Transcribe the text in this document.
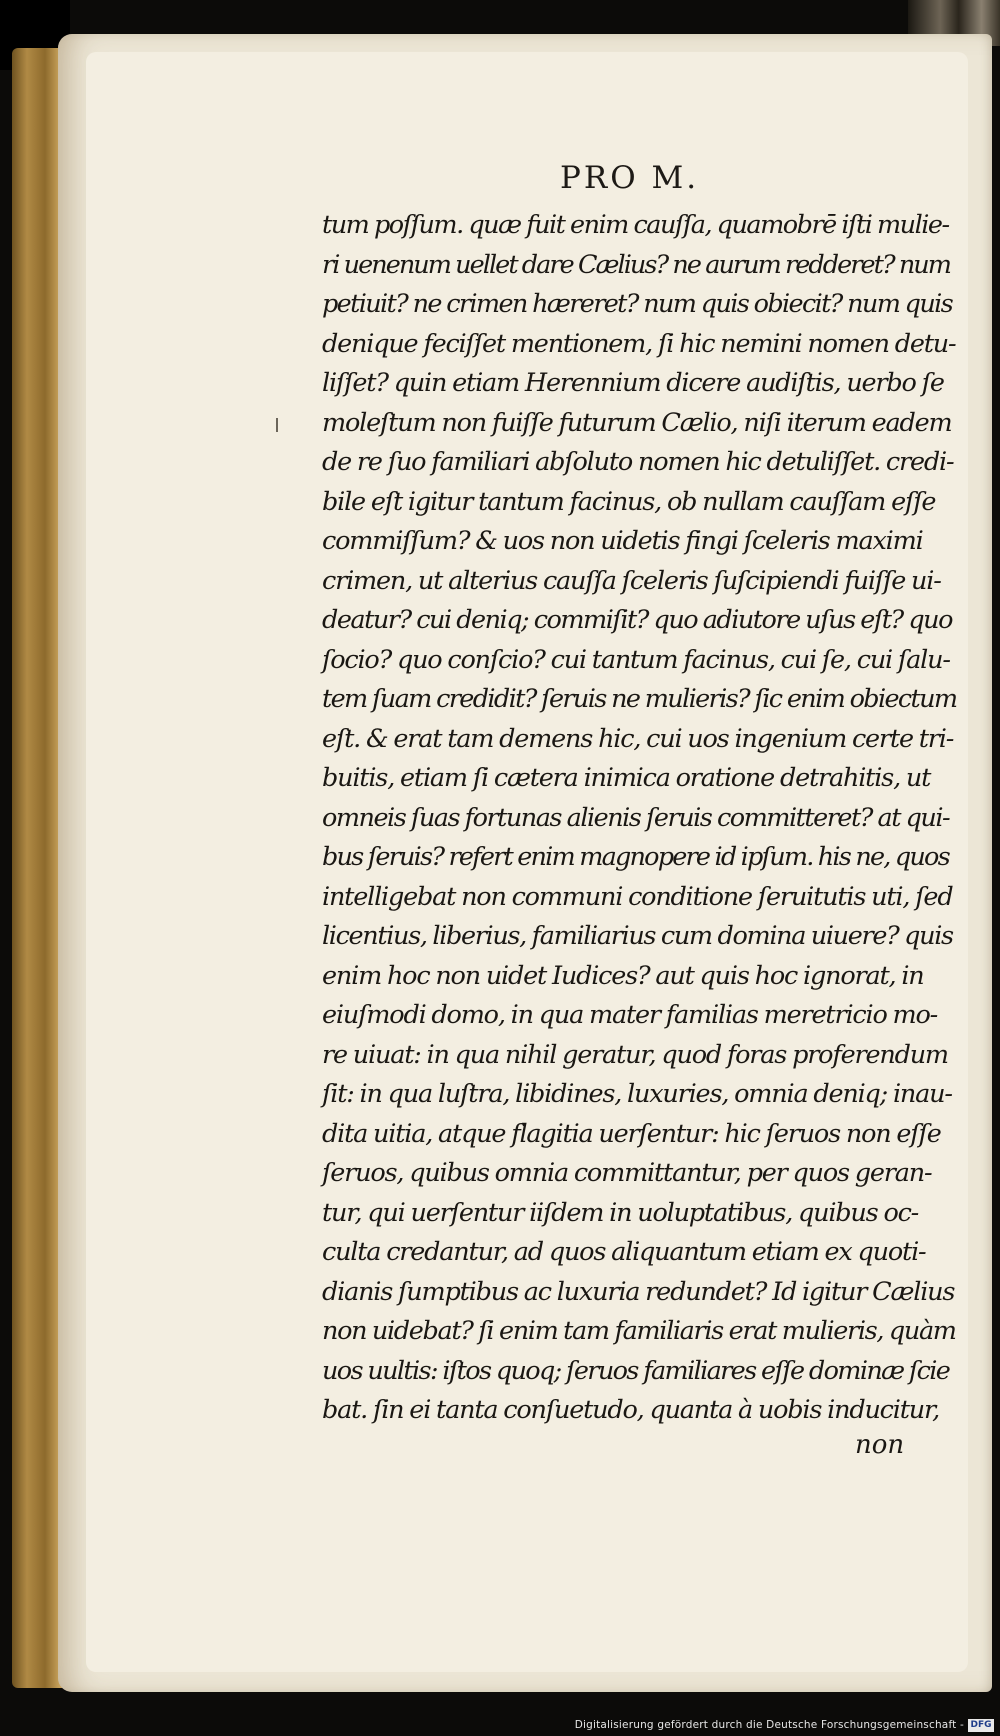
PRO M.
tum poſſum. quæ fuit enim cauſſa, quamobrē iſti mulie-
ri uenenum uellet dare Cælius? ne aurum redderet? num
petiuit? ne crimen hæreret? num quis obiecit? num quis
denique feciſſet mentionem, ſi hic nemini nomen detu-
liſſet? quin etiam Herennium dicere audiſtis, uerbo ſe
moleſtum non fuiſſe futurum Cælio, niſi iterum eadem
de re ſuo familiari abſoluto nomen hic detuliſſet. credi-
bile eſt igitur tantum facinus, ob nullam cauſſam eſſe
commiſſum? & uos non uidetis fingi ſceleris maximi
crimen, ut alterius cauſſa ſceleris ſuſcipiendi fuiſſe ui-
deatur? cui deniq; commiſit? quo adiutore uſus eſt? quo
ſocio? quo conſcio? cui tantum facinus, cui ſe, cui ſalu-
tem ſuam credidit? ſeruis ne mulieris? ſic enim obiectum
eſt. & erat tam demens hic, cui uos ingenium certe tri-
buitis, etiam ſi cætera inimica oratione detrahitis, ut
omneis ſuas fortunas alienis ſeruis committeret? at qui-
bus ſeruis? refert enim magnopere id ipſum. his ne, quos
intelligebat non communi conditione ſeruitutis uti, ſed
licentius, liberius, familiarius cum domina uiuere? quis
enim hoc non uidet Iudices? aut quis hoc ignorat, in
eiuſmodi domo, in qua mater familias meretricio mo-
re uiuat: in qua nihil geratur, quod foras proferendum
ſit: in qua luſtra, libidines, luxuries, omnia deniq; inau-
dita uitia, atque flagitia uerſentur: hic ſeruos non eſſe
ſeruos, quibus omnia committantur, per quos geran-
tur, qui uerſentur iiſdem in uoluptatibus, quibus oc-
culta credantur, ad quos aliquantum etiam ex quoti-
dianis ſumptibus ac luxuria redundet? Id igitur Cælius
non uidebat? ſi enim tam familiaris erat mulieris, quàm
uos uultis: iſtos quoq; ſeruos familiares eſſe dominæ ſcie
bat. ſin ei tanta conſuetudo, quanta à uobis inducitur,
non
Digitalisierung gefördert durch die Deutsche Forschungsgemeinschaft - DFG
